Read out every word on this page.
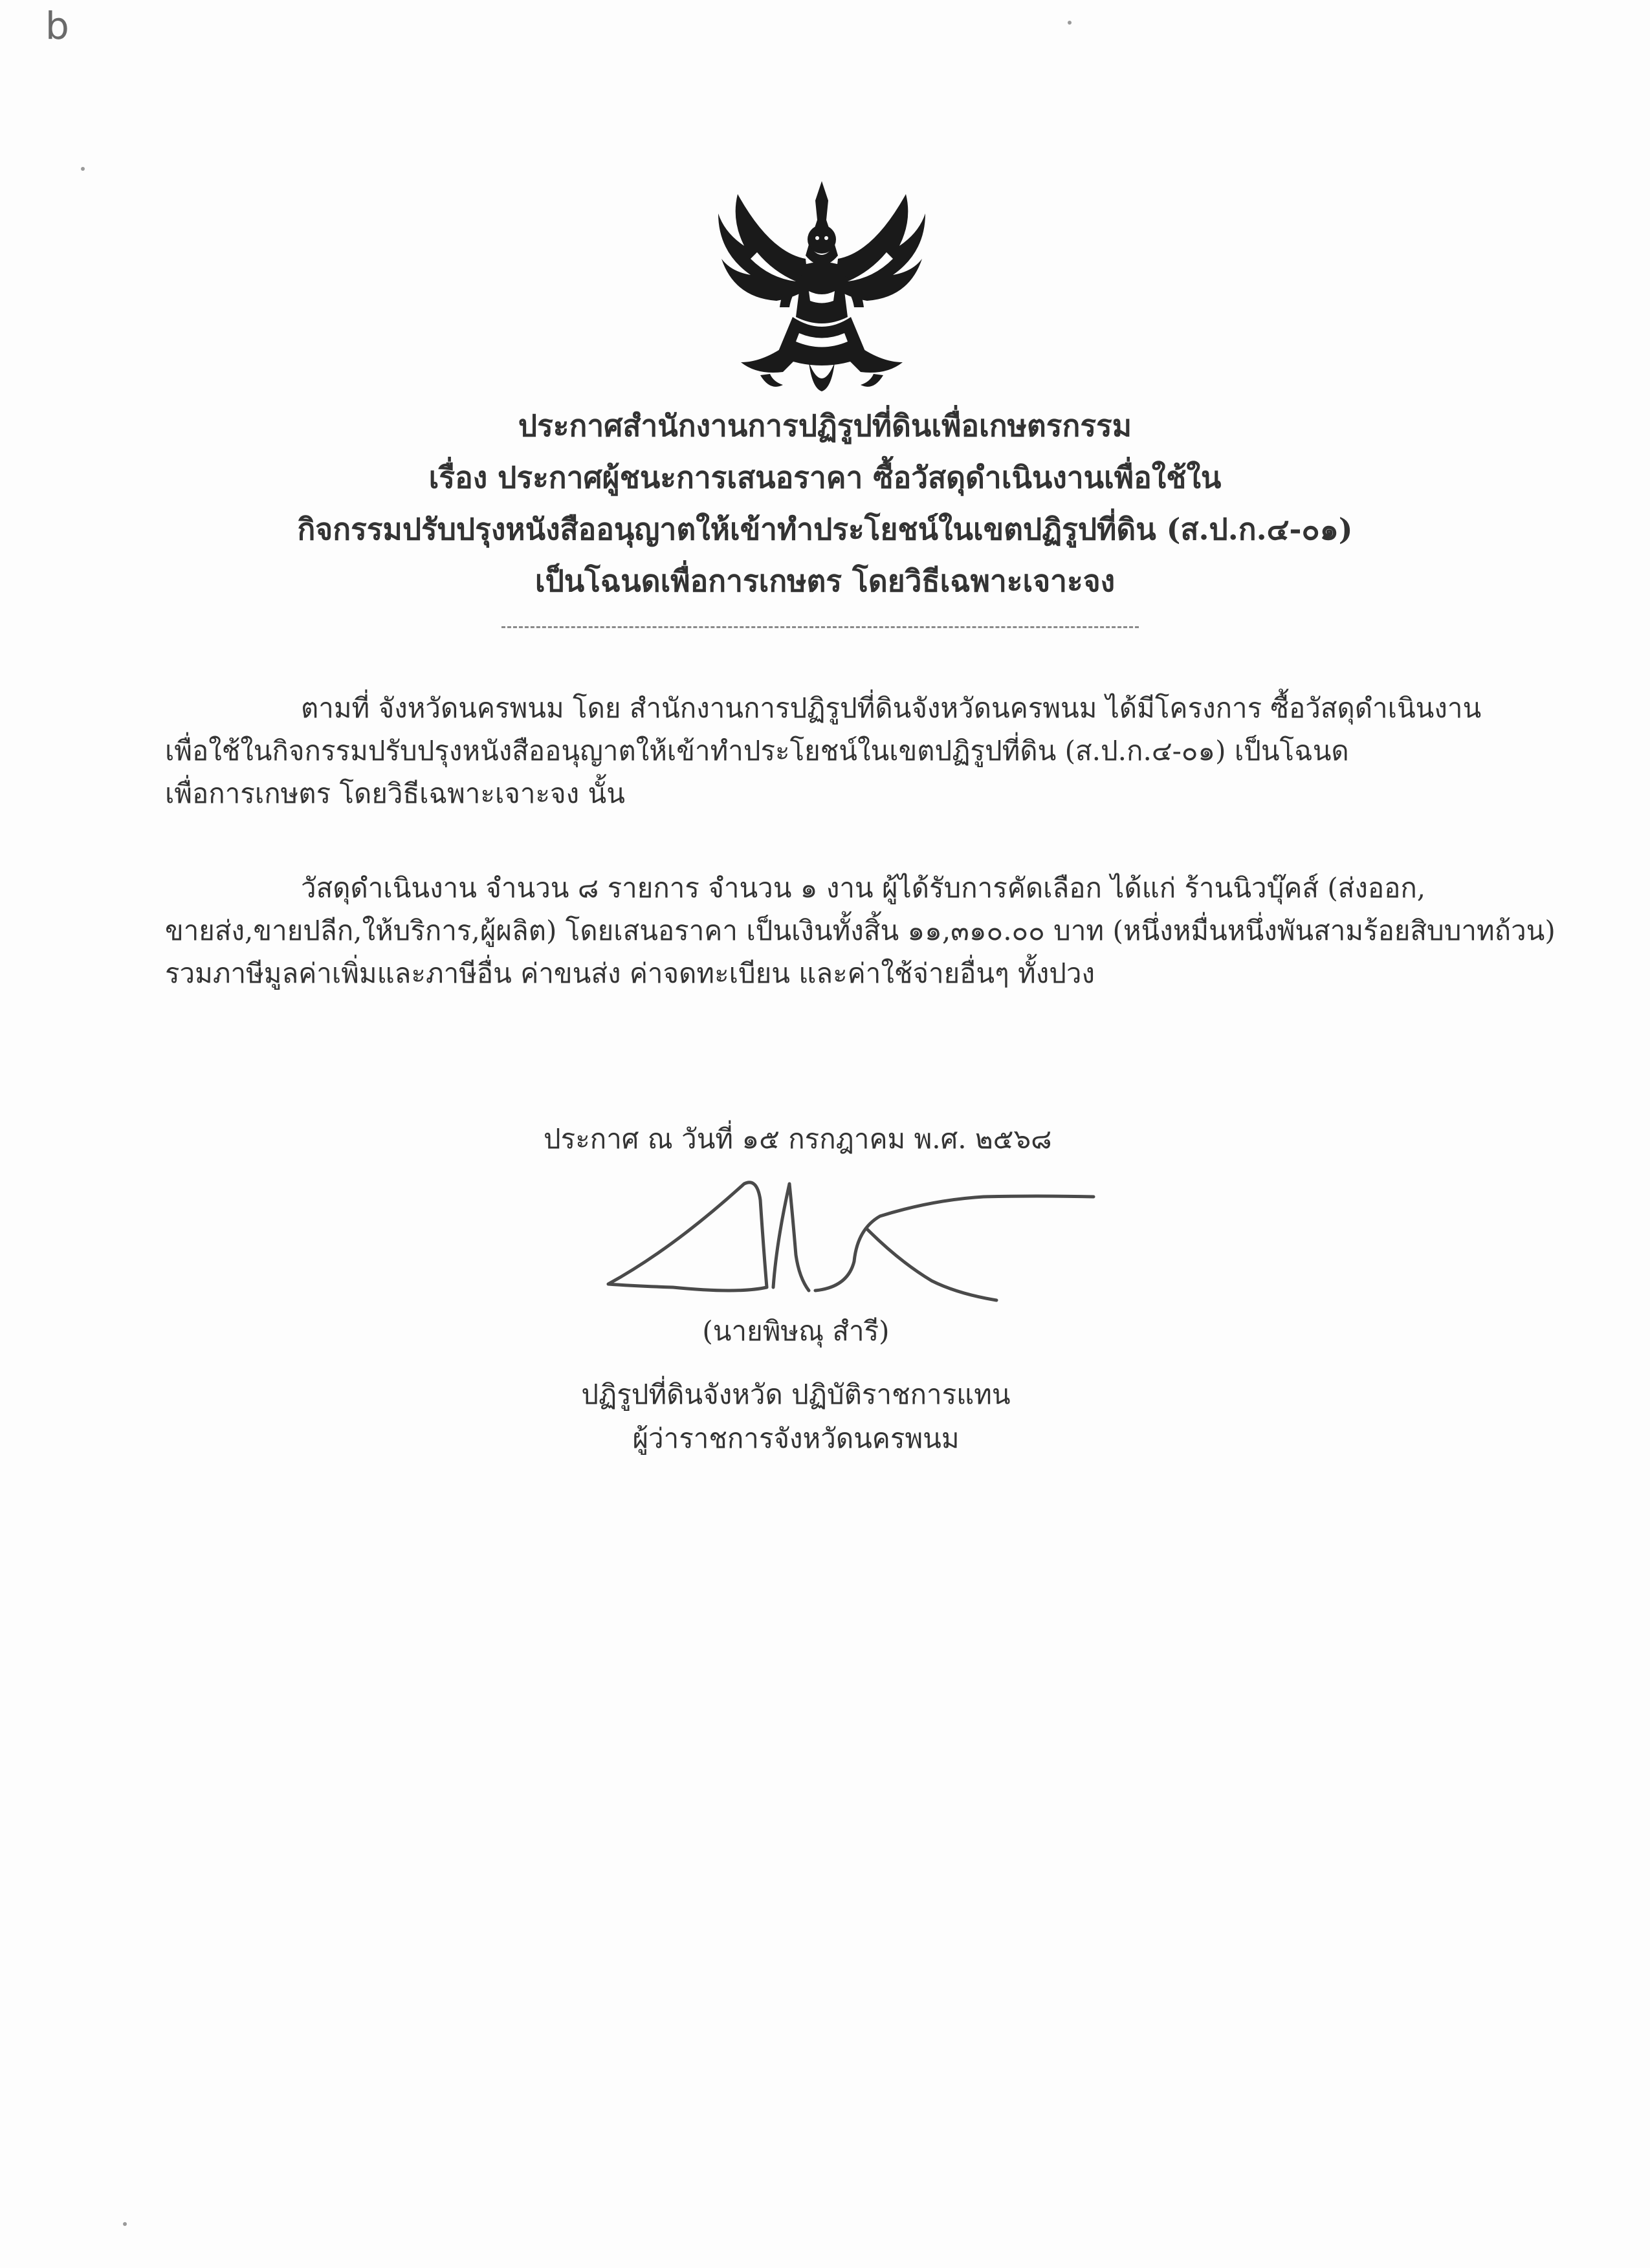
b
ประกาศสำนักงานการปฏิรูปที่ดินเพื่อเกษตรกรรม
เรื่อง ประกาศผู้ชนะการเสนอราคา ซื้อวัสดุดำเนินงานเพื่อใช้ใน
กิจกรรมปรับปรุงหนังสืออนุญาตให้เข้าทำประโยชน์ในเขตปฏิรูปที่ดิน (ส.ป.ก.๔-๐๑)
เป็นโฉนดเพื่อการเกษตร โดยวิธีเฉพาะเจาะจง
ตามที่ จังหวัดนครพนม โดย สำนักงานการปฏิรูปที่ดินจังหวัดนครพนม ได้มีโครงการ ซื้อวัสดุดำเนินงาน
เพื่อใช้ในกิจกรรมปรับปรุงหนังสืออนุญาตให้เข้าทำประโยชน์ในเขตปฏิรูปที่ดิน (ส.ป.ก.๔-๐๑) เป็นโฉนด
เพื่อการเกษตร โดยวิธีเฉพาะเจาะจง นั้น
วัสดุดำเนินงาน จำนวน ๘ รายการ จำนวน ๑ งาน ผู้ได้รับการคัดเลือก ได้แก่ ร้านนิวบุ๊คส์ (ส่งออก,
ขายส่ง,ขายปลีก,ให้บริการ,ผู้ผลิต) โดยเสนอราคา เป็นเงินทั้งสิ้น ๑๑,๓๑๐.๐๐ บาท (หนึ่งหมื่นหนึ่งพันสามร้อยสิบบาทถ้วน)
รวมภาษีมูลค่าเพิ่มและภาษีอื่น ค่าขนส่ง ค่าจดทะเบียน และค่าใช้จ่ายอื่นๆ ทั้งปวง
ประกาศ ณ วันที่ ๑๕ กรกฎาคม พ.ศ. ๒๕๖๘
(นายพิษณุ สำรี)
ปฏิรูปที่ดินจังหวัด ปฏิบัติราชการแทน
ผู้ว่าราชการจังหวัดนครพนม
